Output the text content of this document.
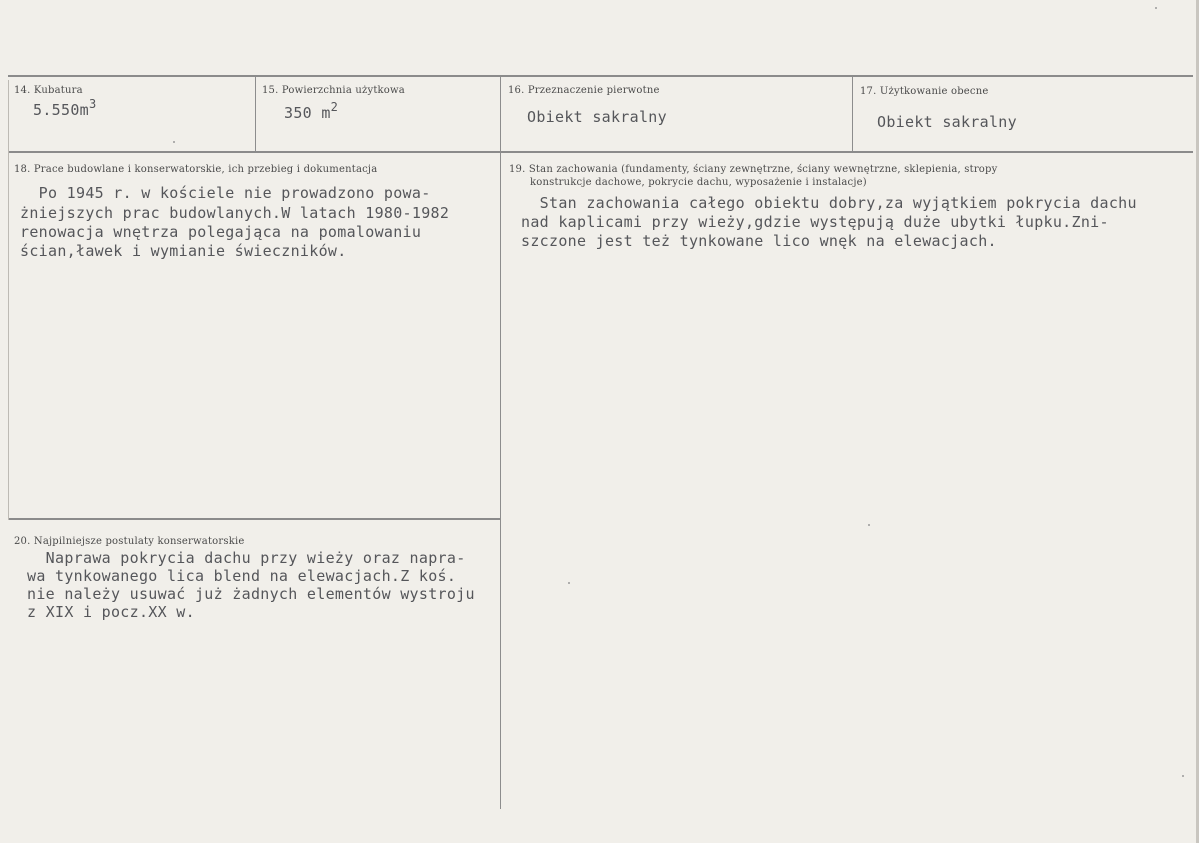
14. Kubatura
$5.550m^3$
15. Powierzchnia użytkowa
350 $m^2$
16. Przeznaczenie pierwotne
Obiekt sakralny
17. Użytkowanie obecne
Obiekt sakralny
18. Prace budowlane i konserwatorskie, ich przebieg i dokumentacja
Po 1945 r. w kościele nie prowadzono powa-
żniejszych prac budowlanych.W latach 1980-1982
renowacja wnętrza polegająca na pomalowaniu
ścian,ławek i wymianie świeczników.
19. Stan zachowania (fundamenty, ściany zewnętrzne, ściany wewnętrzne, sklepienia, stropy
konstrukcje dachowe, pokrycie dachu, wyposażenie i instalacje)
Stan zachowania całego obiektu dobry,za wyjątkiem pokrycia dachu
nad kaplicami przy wieży,gdzie występują duże ubytki łupku.Zni-
szczone jest też tynkowane lico wnęk na elewacjach.
20. Najpilniejsze postulaty konserwatorskie
Naprawa pokrycia dachu przy wieży oraz napra-
wa tynkowanego lica blend na elewacjach.Z koś.
nie należy usuwać już żadnych elementów wystroju
z XIX i pocz.XX w.
